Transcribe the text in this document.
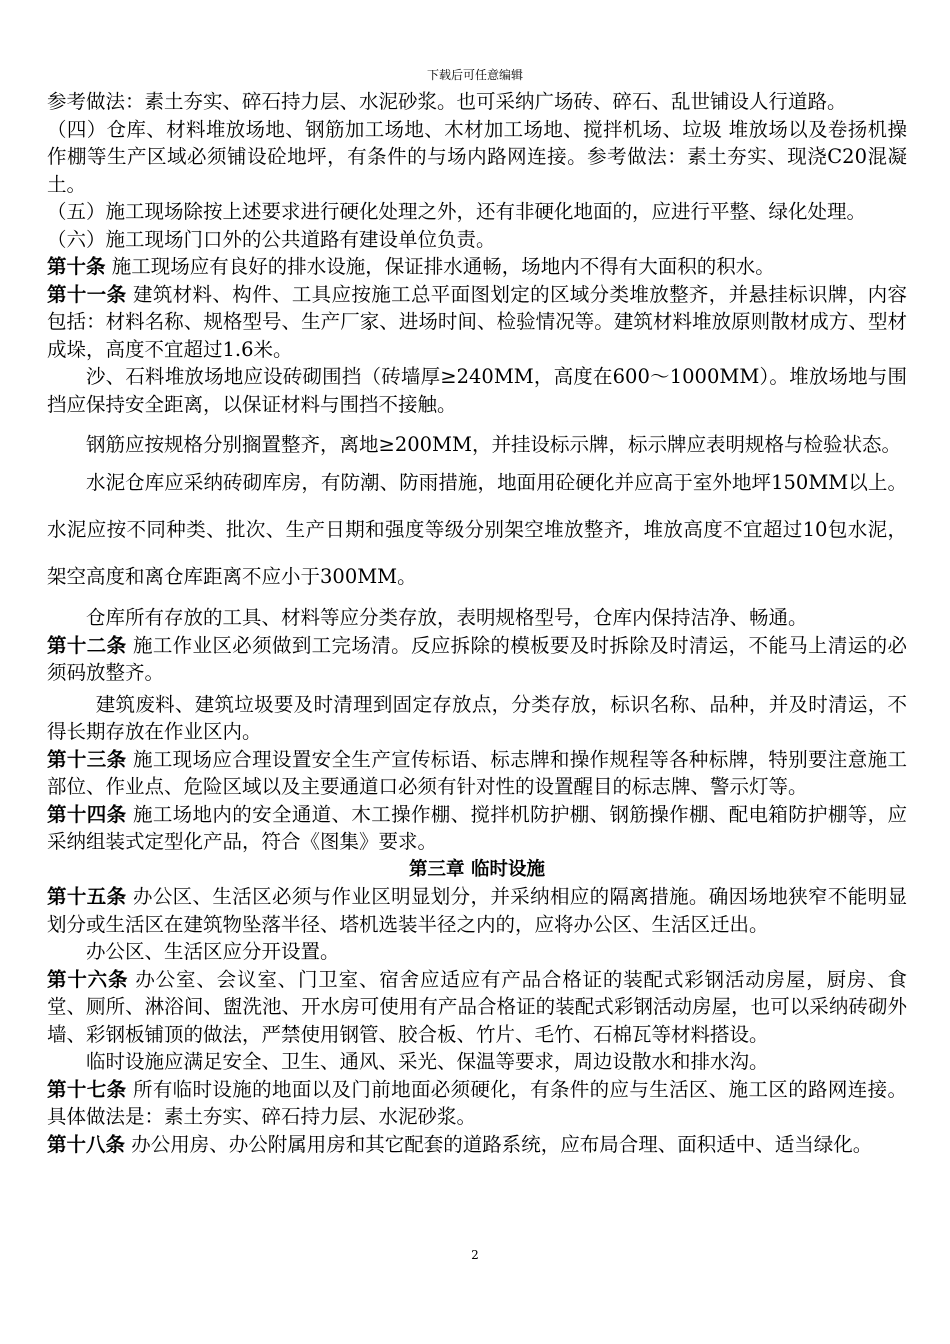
下载后可任意编辑

参考做法：素土夯实、碎石持力层、水泥砂浆。也可采纳广场砖、碎石、乱世铺设人行道路。

（四）仓库、材料堆放场地、钢筋加工场地、木材加工场地、搅拌机场、垃圾 堆放场以及卷扬机操作棚等生产区域必须铺设砼地坪，有条件的与场内路网连接。参考做法：素土夯实、现浇C20混凝土。

（五）施工现场除按上述要求进行硬化处理之外，还有非硬化地面的，应进行平整、绿化处理。

（六）施工现场门口外的公共道路有建设单位负责。

第十条 施工现场应有良好的排水设施，保证排水通畅，场地内不得有大面积的积水。

第十一条 建筑材料、构件、工具应按施工总平面图划定的区域分类堆放整齐，并悬挂标识牌，内容包括：材料名称、规格型号、生产厂家、进场时间、检验情况等。建筑材料堆放原则散材成方、型材成垛，高度不宜超过1.6米。

沙、石料堆放场地应设砖砌围挡（砖墙厚≥240MM，高度在600～1000MM）。堆放场地与围挡应保持安全距离，以保证材料与围挡不接触。

钢筋应按规格分别搁置整齐，离地≥200MM，并挂设标示牌，标示牌应表明规格与检验状态。

水泥仓库应采纳砖砌库房，有防潮、防雨措施，地面用砼硬化并应高于室外地坪150MM以上。水泥应按不同种类、批次、生产日期和强度等级分别架空堆放整齐，堆放高度不宜超过10包水泥，架空高度和离仓库距离不应小于300MM。

仓库所有存放的工具、材料等应分类存放，表明规格型号，仓库内保持洁净、畅通。

第十二条 施工作业区必须做到工完场清。反应拆除的模板要及时拆除及时清运，不能马上清运的必须码放整齐。

建筑废料、建筑垃圾要及时清理到固定存放点，分类存放，标识名称、品种，并及时清运，不得长期存放在作业区内。

第十三条 施工现场应合理设置安全生产宣传标语、标志牌和操作规程等各种标牌，特别要注意施工部位、作业点、危险区域以及主要通道口必须有针对性的设置醒目的标志牌、警示灯等。

第十四条 施工场地内的安全通道、木工操作棚、搅拌机防护棚、钢筋操作棚、配电箱防护棚等，应采纳组装式定型化产品，符合《图集》要求。

第三章 临时设施

第十五条 办公区、生活区必须与作业区明显划分，并采纳相应的隔离措施。确因场地狭窄不能明显划分或生活区在建筑物坠落半径、塔机选装半径之内的，应将办公区、生活区迁出。

办公区、生活区应分开设置。

第十六条 办公室、会议室、门卫室、宿舍应适应有产品合格证的装配式彩钢活动房屋，厨房、食堂、厕所、淋浴间、盥洗池、开水房可使用有产品合格证的装配式彩钢活动房屋，也可以采纳砖砌外墙、彩钢板铺顶的做法，严禁使用钢管、胶合板、竹片、毛竹、石棉瓦等材料搭设。

临时设施应满足安全、卫生、通风、采光、保温等要求，周边设散水和排水沟。

第十七条 所有临时设施的地面以及门前地面必须硬化，有条件的应与生活区、施工区的路网连接。具体做法是：素土夯实、碎石持力层、水泥砂浆。

第十八条 办公用房、办公附属用房和其它配套的道路系统，应布局合理、面积适中、适当绿化。

2
